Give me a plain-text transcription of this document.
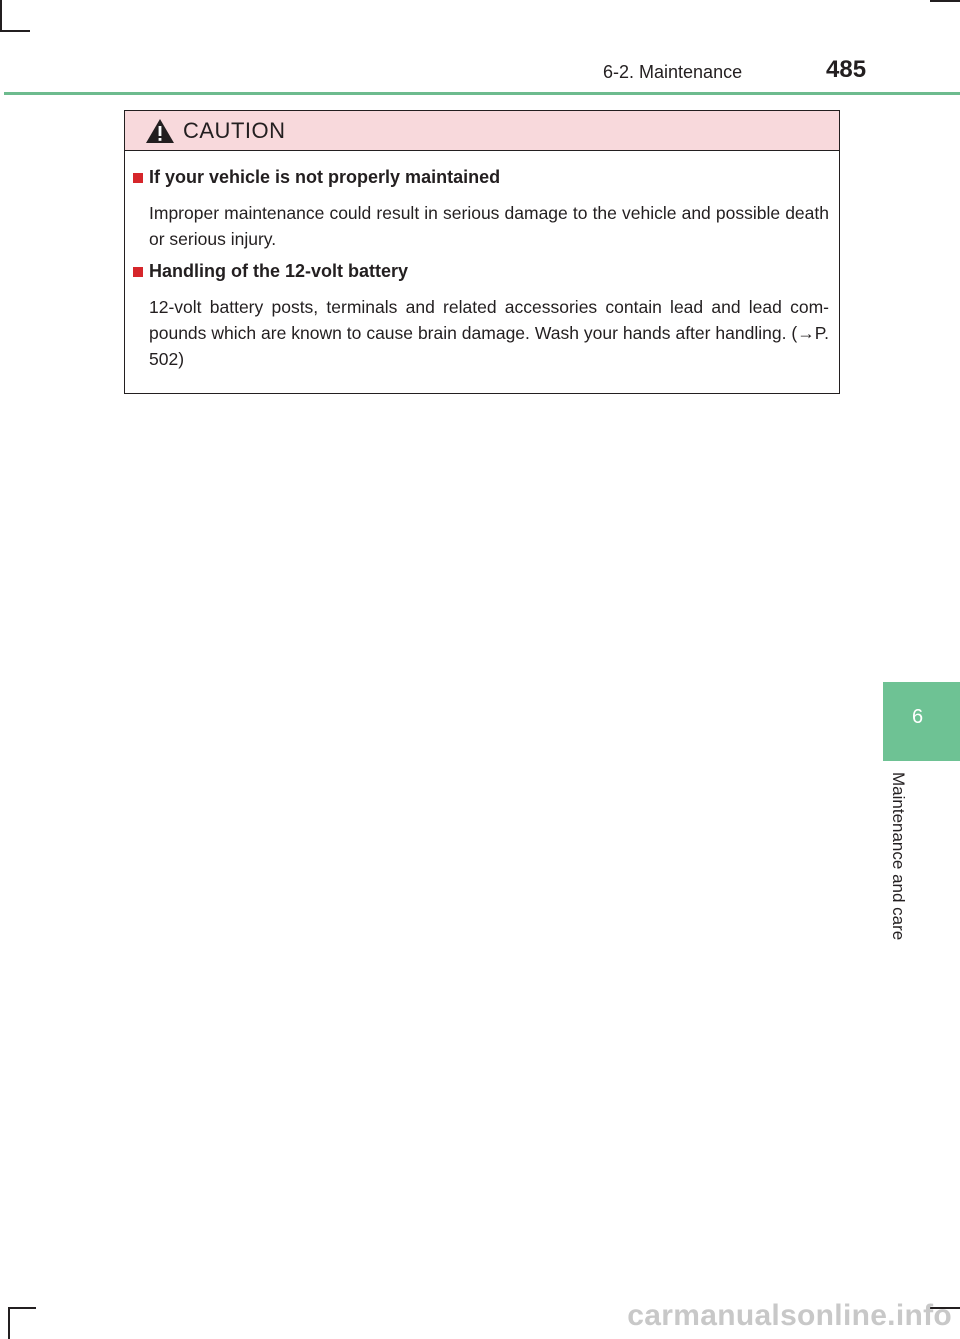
6-2. Maintenance	485
CAUTION
If your vehicle is not properly maintained
Improper maintenance could result in serious damage to the vehicle and possible death or serious injury.
Handling of the 12-volt battery
12-volt battery posts, terminals and related accessories contain lead and lead com-pounds which are known to cause brain damage. Wash your hands after handling. (→P. 502)
6
Maintenance and care
carmanualsonline.info
